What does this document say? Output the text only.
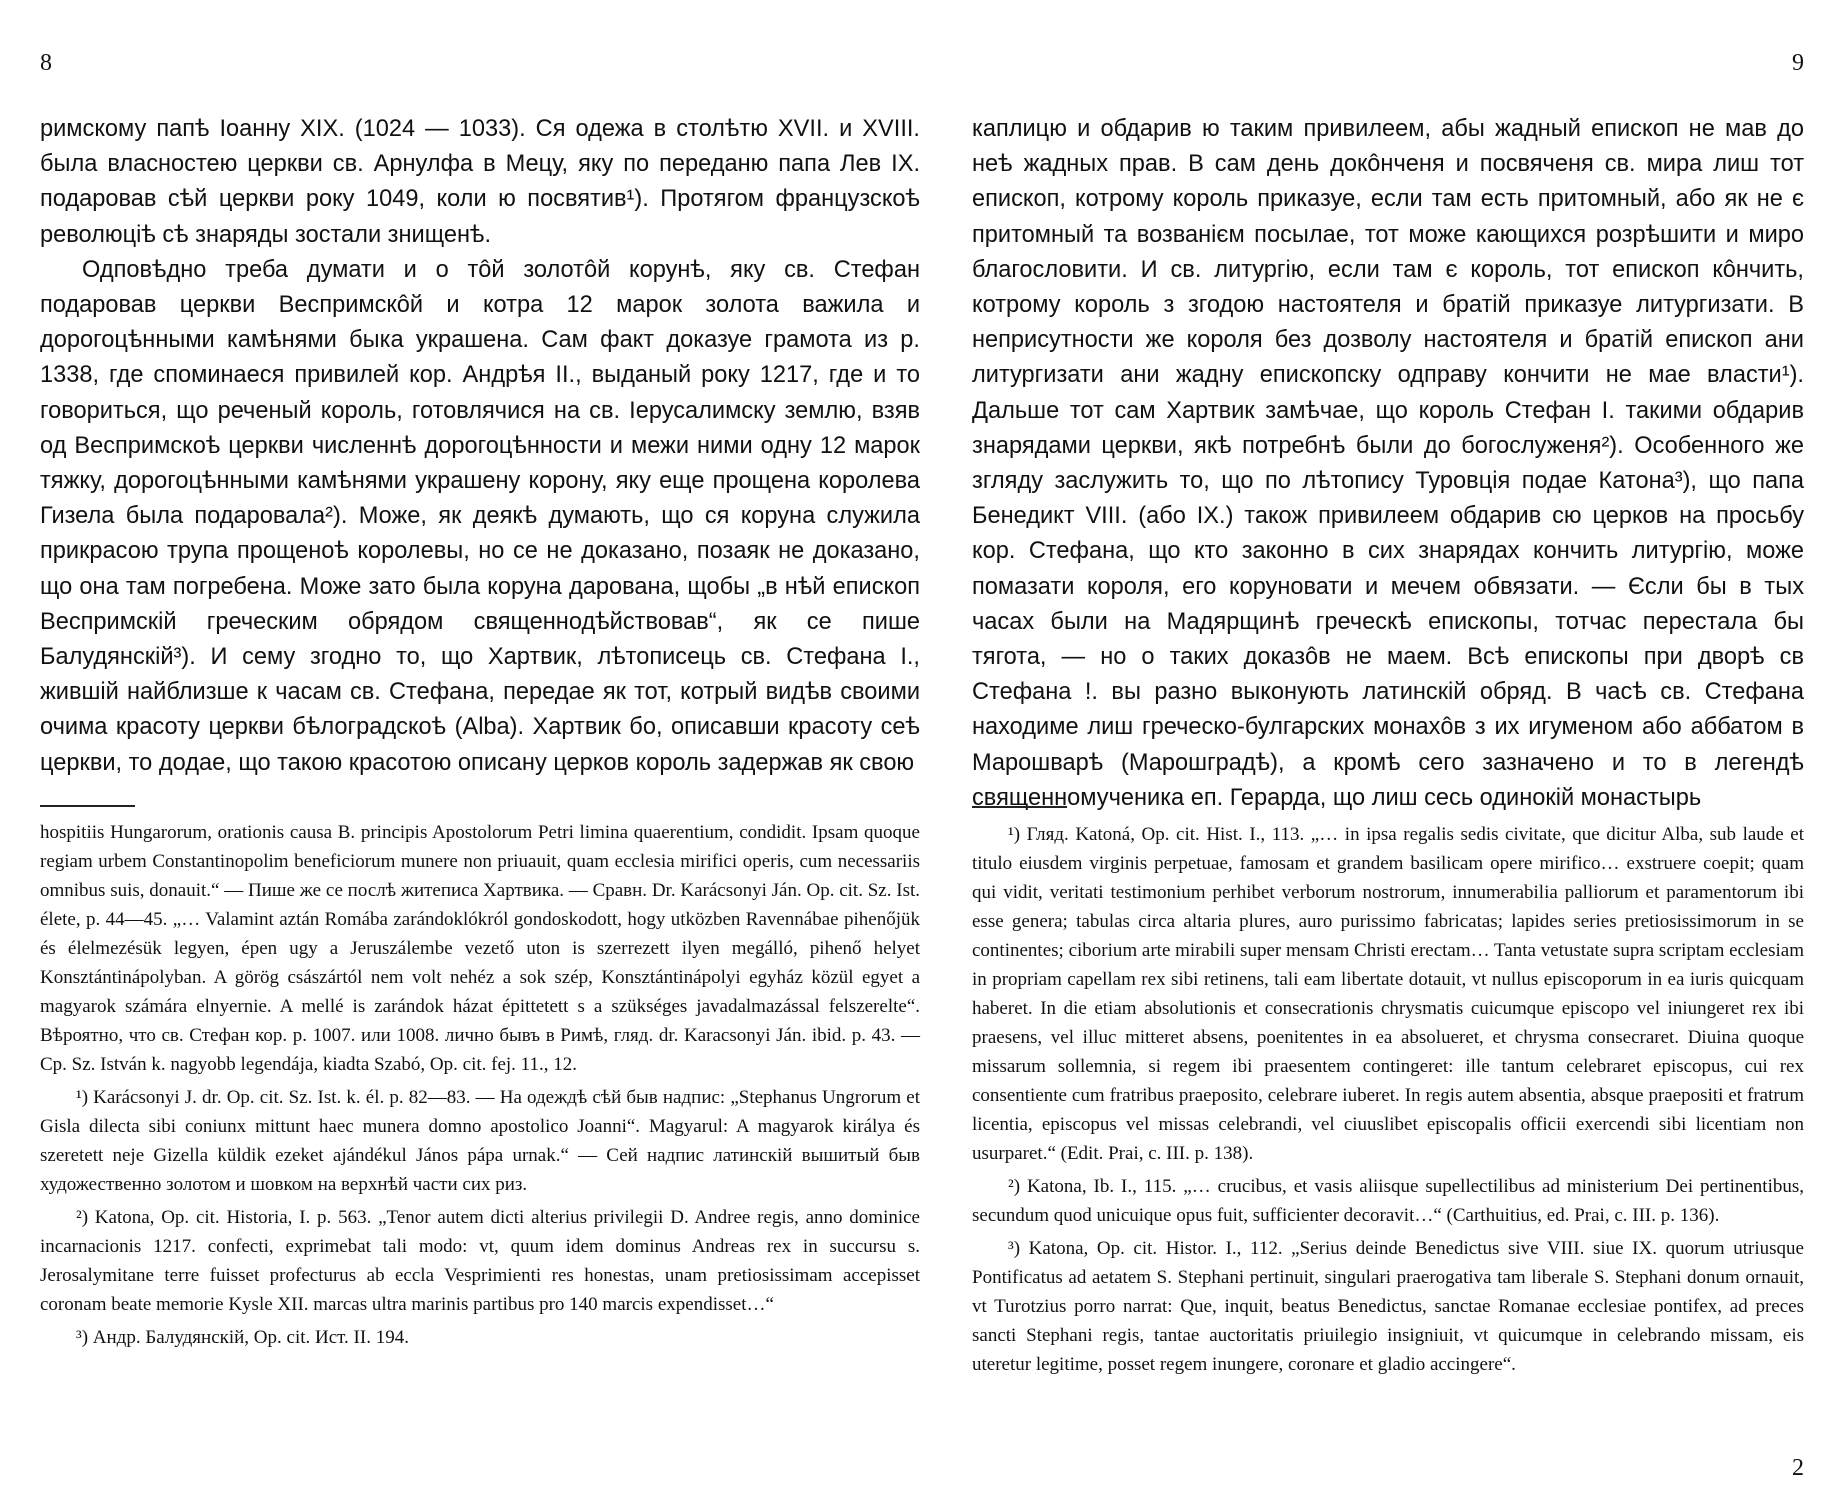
8

римскому папѣ Іоанну XIX. (1024 — 1033). Ся одежа в столѣтю XVII. и XVIII. была власностею церкви св. Арнулфа в Мецу, яку по переданю папа Лев IX. подаровав сѣй церкви року 1049, коли ю посвятив¹). Протягом французскоѣ революціѣ сѣ знаряды зостали знищенѣ.

Одповѣдно треба думати и о тôй золотôй корунѣ, яку св. Стефан подаровав церкви Веспримскôй и котра 12 марок золота важила и дорогоцѣнными камѣнями быка украшена. Сам факт доказуе грамота из р. 1338, где споминаеся привилей кор. Андрѣя II., выданый року 1217, где и то говориться, що реченый король, готовлячися на св. Іерусалимску землю, взяв од Веспримскоѣ церкви численнѣ дорогоцѣнности и межи ними одну 12 марок тяжку, дорогоцѣнными камѣнями украшену корону, яку еще прощена королева Гизела была подаровала²). Може, як деякѣ думають, що ся коруна служила прикрасою трупа прощеноѣ королевы, но се не доказано, позаяк не доказано, що она там погребена. Може зато была коруна дарована, щобы „в нѣй епископ Веспримскій греческим обрядом священнодѣйствовав“, як се пише Балудянскій³). И сему згодно то, що Хартвик, лѣтописець св. Стефана I., жившій найблизше к часам св. Стефана, передае як тот, котрый видѣв своими очима красоту церкви бѣлоградскоѣ (Alba). Хартвик бо, описавши красоту сеѣ церкви, то додае, що такою красотою описану церков король задержав як свою

hospitiis Hungarorum, orationis causa B. principis Apostolorum Petri limina quaerentium, condidit. Ipsam quoque regiam urbem Constantinopolim beneficiorum munere non priuauit, quam ecclesia mirifici operis, cum necessariis omnibus suis, donauit.“ — Пише же се послѣ житеписа Хартвика. — Сравн. Dr. Karácsonyi Ján. Op. cit. Sz. Ist. élete, p. 44—45. „… Valamint aztán Romába zarándoklókról gondoskodott, hogy utközben Ravennábae pihenőjük és élelmezésük legyen, épen ugy a Jeruszálembe vezető uton is szerrezett ilyen megálló, pihenő helyet Konsztántinápolyban. A görög császártól nem volt nehéz a sok szép, Konsztántinápolyi egyház közül egyet a magyarok számára elnyernie. A mellé is zarándok házat épittetett s a szükséges javadalmazással felszerelte“. Вѣроятно, что св. Стефан кор. р. 1007. или 1008. лично бывъ в Римѣ, гляд. dr. Karacsonyi Ján. ibid. p. 43. — Cp. Sz. István k. nagyobb legendája, kiadta Szabó, Op. cit. fej. 11., 12.

¹) Karácsonyi J. dr. Op. cit. Sz. Ist. k. él. p. 82—83. — На одеждѣ сѣй быв надпис: „Stephanus Ungrorum et Gisla dilecta sibi coniunx mittunt haec munera domno apostolico Joanni“. Magyarul: A magyarok királya és szeretett neje Gizella küldik ezeket ajándékul János pápa urnak.“ — Сей надпис латинскій вышитый быв художественно золотом и шовком на верхнѣй части сих риз.

²) Katona, Op. cit. Historia, I. p. 563. „Tenor autem dicti alterius privilegii D. Andree regis, anno dominice incarnacionis 1217. confecti, exprimebat tali modo: vt, quum idem dominus Andreas rex in succursu s. Jerosalymitane terre fuisset profecturus ab eccla Vesprimienti res honestas, unam pretiosissimam accepisset coronam beate memorie Kysle XII. marcas ultra marinis partibus pro 140 marcis expendisset…“

³) Андр. Балудянскій, Op. cit. Ист. II. 194.

9

каплицю и обдарив ю таким привилеем, абы жадный епископ не мав до неѣ жадных прав. В сам день докôнченя и посвяченя св. мира лиш тот епископ, котрому король приказуе, если там есть притомный, або як не є притомный та возванієм посылае, тот може кающихся розрѣшити и миро благословити. И св. литургію, если там є король, тот епископ кôнчить, котрому король з згодою настоятеля и братій приказуе литургизати. В неприсутности же короля без дозволу настоятеля и братій епископ ани литургизати ани жадну епископску одправу кончити не мае власти¹). Дальше тот сам Хартвик замѣчае, що король Стефан I. такими обдарив знарядами церкви, якѣ потребнѣ были до богослуженя²). Особенного же згляду заслужить то, що по лѣтопису Туровція подае Катона³), що папа Бенедикт VIII. (або IX.) також привилеем обдарив сю церков на просьбу кор. Стефана, що кто законно в сих знарядах кончить литургію, може помазати короля, его коруновати и мечем обвязати. — Єсли бы в тых часах были на Мадярщинѣ греческѣ епископы, тотчас перестала бы тягота, — но о таких доказôв не маем. Всѣ епископы при дворѣ св Стефана !. вы разно выконують латинскій обряд. В часѣ св. Стефана находиме лиш греческо-булгарских монахôв з их игуменом або аббатом в Марошварѣ (Марошградѣ), а кромѣ сего зазначено и то в легендѣ священномученика еп. Герарда, що лиш сесь одинокій монастырь

¹) Гляд. Katoná, Op. cit. Hist. I., 113. „… in ipsa regalis sedis civitate, que dicitur Alba, sub laude et titulo eiusdem virginis perpetuae, famosam et grandem basilicam opere mirifico… exstruere coepit; quam qui vidit, veritati testimonium perhibet verborum nostrorum, innumerabilia palliorum et paramentorum ibi esse genera; tabulas circa altaria plures, auro purissimo fabricatas; lapides series pretiosissimorum in se continentes; ciborium arte mirabili super mensam Christi erectam… Tanta vetustate supra scriptam ecclesiam in propriam capellam rex sibi retinens, tali eam libertate dotauit, vt nullus episcoporum in ea iuris quicquam haberet. In die etiam absolutionis et consecrationis chrysmatis cuicumque episcopo vel iniungeret rex ibi praesens, vel illuc mitteret absens, poenitentes in ea absolueret, et chrysma consecraret. Diuina quoque missarum sollemnia, si regem ibi praesentem contingeret: ille tantum celebraret episcopus, cui rex consentiente cum fratribus praeposito, celebrare iuberet. In regis autem absentia, absque praepositi et fratrum licentia, episcopus vel missas celebrandi, vel ciuuslibet episcopalis officii exercendi sibi licentiam non usurparet.“ (Edit. Prai, c. III. p. 138).

²) Katona, Ib. I., 115. „… crucibus, et vasis aliisque supellectilibus ad ministerium Dei pertinentibus, secundum quod unicuique opus fuit, sufficienter decoravit…“ (Carthuitius, ed. Prai, c. III. p. 136).

³) Katona, Op. cit. Histor. I., 112. „Serius deinde Benedictus sive VIII. siue IX. quorum utriusque Pontificatus ad aetatem S. Stephani pertinuit, singulari praerogativa tam liberale S. Stephani donum ornauit, vt Turotzius porro narrat: Que, inquit, beatus Benedictus, sanctae Romanae ecclesiae pontifex, ad preces sancti Stephani regis, tantae auctoritatis priuilegio insigniuit, vt quicumque in celebrando missam, eis uteretur legitime, posset regem inungere, coronare et gladio accingere“.

2
